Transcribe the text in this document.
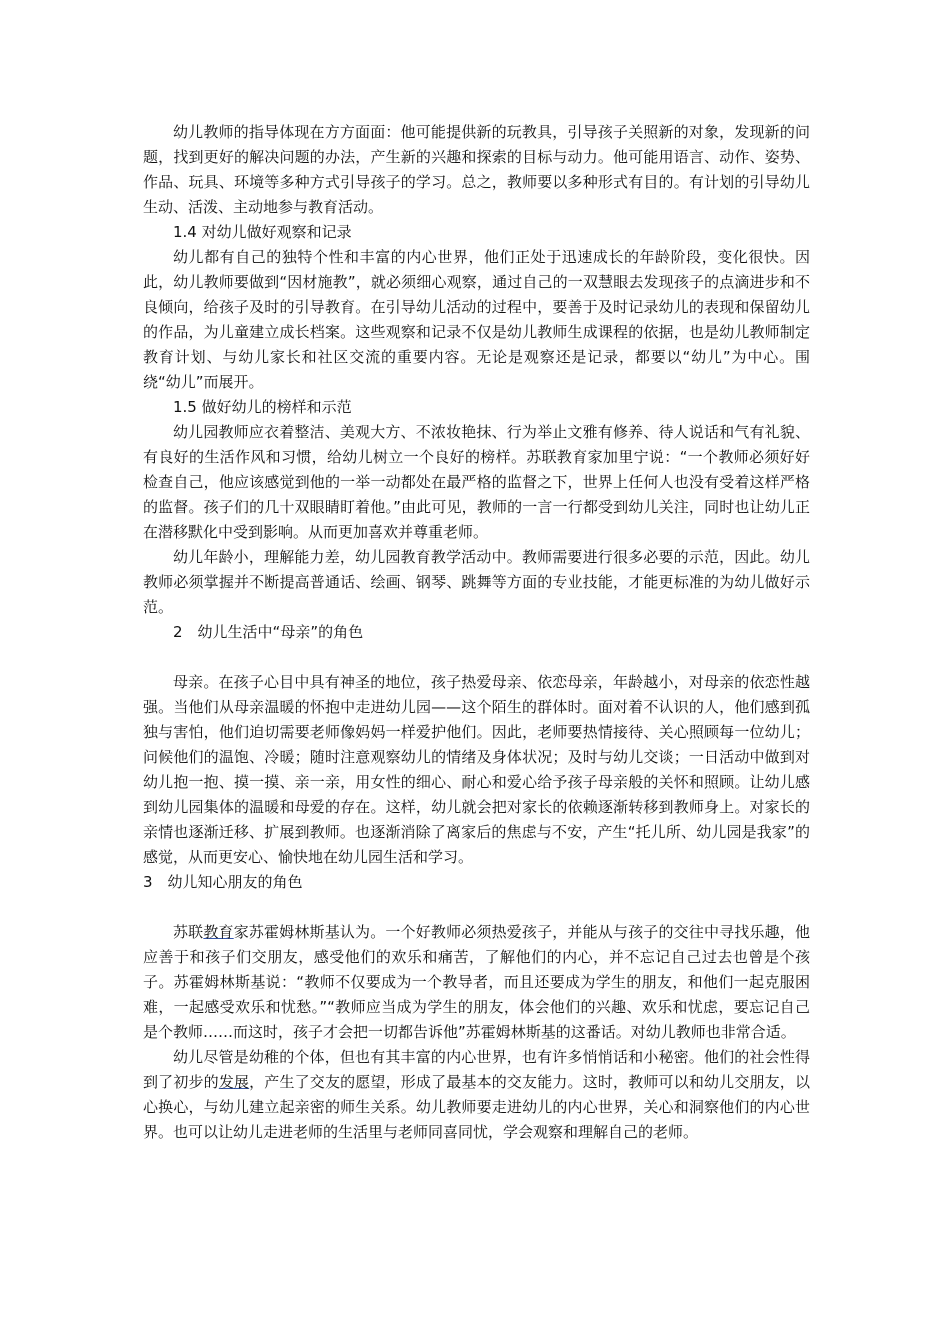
幼儿教师的指导体现在方方面面：他可能提供新的玩教具，引导孩子关照新的对象，发现新的问题，找到更好的解决问题的办法，产生新的兴趣和探索的目标与动力。他可能用语言、动作、姿势、作品、玩具、环境等多种方式引导孩子的学习。总之，教师要以多种形式有目的。有计划的引导幼儿生动、活泼、主动地参与教育活动。

1.4 对幼儿做好观察和记录

幼儿都有自己的独特个性和丰富的内心世界，他们正处于迅速成长的年龄阶段，变化很快。因此，幼儿教师要做到“因材施教”，就必须细心观察，通过自己的一双慧眼去发现孩子的点滴进步和不良倾向，给孩子及时的引导教育。在引导幼儿活动的过程中，要善于及时记录幼儿的表现和保留幼儿的作品，为儿童建立成长档案。这些观察和记录不仅是幼儿教师生成课程的依据，也是幼儿教师制定教育计划、与幼儿家长和社区交流的重要内容。无论是观察还是记录，都要以“幼儿”为中心。围绕“幼儿”而展开。

1.5 做好幼儿的榜样和示范

幼儿园教师应衣着整洁、美观大方、不浓妆艳抹、行为举止文雅有修养、待人说话和气有礼貌、有良好的生活作风和习惯，给幼儿树立一个良好的榜样。苏联教育家加里宁说：“一个教师必须好好检查自己，他应该感觉到他的一举一动都处在最严格的监督之下，世界上任何人也没有受着这样严格的监督。孩子们的几十双眼睛盯着他。”由此可见，教师的一言一行都受到幼儿关注，同时也让幼儿正在潜移默化中受到影响。从而更加喜欢并尊重老师。

幼儿年龄小，理解能力差，幼儿园教育教学活动中。教师需要进行很多必要的示范，因此。幼儿教师必须掌握并不断提高普通话、绘画、钢琴、跳舞等方面的专业技能，才能更标准的为幼儿做好示范。

2　幼儿生活中“母亲”的角色

母亲。在孩子心目中具有神圣的地位，孩子热爱母亲、依恋母亲，年龄越小，对母亲的依恋性越强。当他们从母亲温暖的怀抱中走进幼儿园——这个陌生的群体时。面对着不认识的人，他们感到孤独与害怕，他们迫切需要老师像妈妈一样爱护他们。因此，老师要热情接待、关心照顾每一位幼儿；问候他们的温饱、冷暖；随时注意观察幼儿的情绪及身体状况；及时与幼儿交谈；一日活动中做到对幼儿抱一抱、摸一摸、亲一亲，用女性的细心、耐心和爱心给予孩子母亲般的关怀和照顾。让幼儿感到幼儿园集体的温暖和母爱的存在。这样，幼儿就会把对家长的依赖逐渐转移到教师身上。对家长的亲情也逐渐迁移、扩展到教师。也逐渐消除了离家后的焦虑与不安，产生“托儿所、幼儿园是我家”的感觉，从而更安心、愉快地在幼儿园生活和学习。

3　幼儿知心朋友的角色

苏联教育家苏霍姆林斯基认为。一个好教师必须热爱孩子，并能从与孩子的交往中寻找乐趣，他应善于和孩子们交朋友，感受他们的欢乐和痛苦，了解他们的内心，并不忘记自己过去也曾是个孩子。苏霍姆林斯基说：“教师不仅要成为一个教导者，而且还要成为学生的朋友，和他们一起克服困难，一起感受欢乐和忧愁。”“教师应当成为学生的朋友，体会他们的兴趣、欢乐和忧虑，要忘记自己是个教师……而这时，孩子才会把一切都告诉他”苏霍姆林斯基的这番话。对幼儿教师也非常合适。

幼儿尽管是幼稚的个体，但也有其丰富的内心世界，也有许多悄悄话和小秘密。他们的社会性得到了初步的发展，产生了交友的愿望，形成了最基本的交友能力。这时，教师可以和幼儿交朋友，以心换心，与幼儿建立起亲密的师生关系。幼儿教师要走进幼儿的内心世界，关心和洞察他们的内心世界。也可以让幼儿走进老师的生活里与老师同喜同忧，学会观察和理解自己的老师。
